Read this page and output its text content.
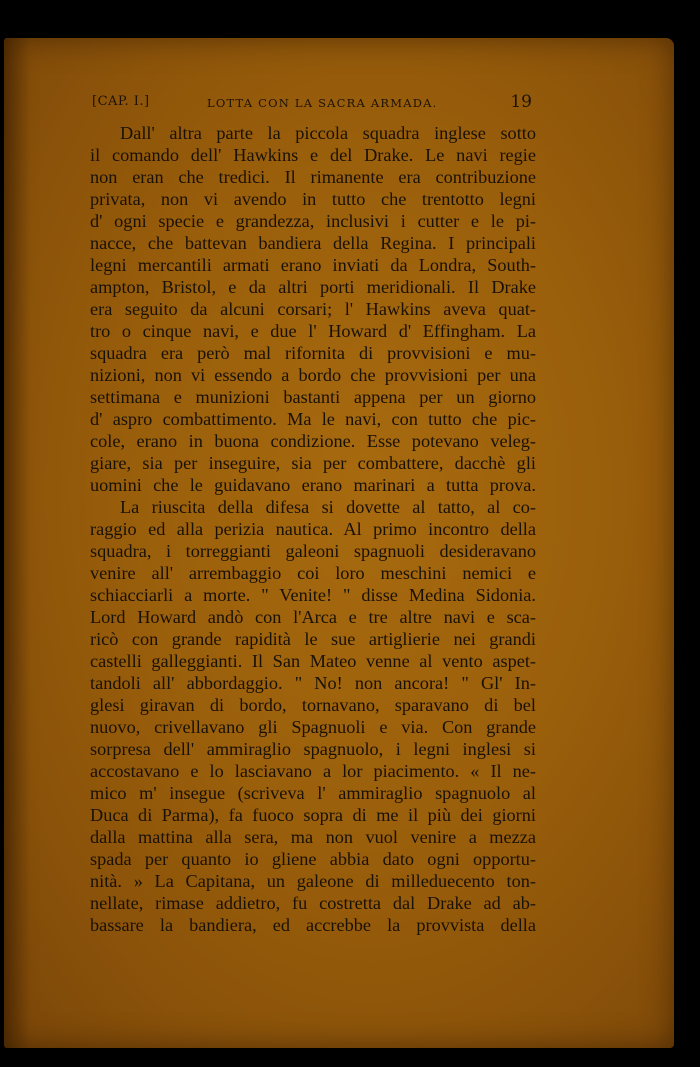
[CAP. I.]	LOTTA CON LA SACRA ARMADA.	19
Dall' altra parte la piccola squadra inglese sotto
il comando dell' Hawkins e del Drake. Le navi regie
non eran che tredici. Il rimanente era contribuzione
privata, non vi avendo in tutto che trentotto legni
d' ogni specie e grandezza, inclusivi i cutter e le pi-
nacce, che battevan bandiera della Regina. I principali
legni mercantili armati erano inviati da Londra, South-
ampton, Bristol, e da altri porti meridionali. Il Drake
era seguito da alcuni corsari; l' Hawkins aveva quat-
tro o cinque navi, e due l' Howard d' Effingham. La
squadra era però mal rifornita di provvisioni e mu-
nizioni, non vi essendo a bordo che provvisioni per una
settimana e munizioni bastanti appena per un giorno
d' aspro combattimento. Ma le navi, con tutto che pic-
cole, erano in buona condizione. Esse potevano veleg-
giare, sia per inseguire, sia per combattere, dacchè gli
uomini che le guidavano erano marinari a tutta prova.
La riuscita della difesa si dovette al tatto, al co-
raggio ed alla perizia nautica. Al primo incontro della
squadra, i torreggianti galeoni spagnuoli desideravano
venire all' arrembaggio coi loro meschini nemici e
schiacciarli a morte. " Venite! " disse Medina Sidonia.
Lord Howard andò con l'Arca e tre altre navi e sca-
ricò con grande rapidità le sue artiglierie nei grandi
castelli galleggianti. Il San Mateo venne al vento aspet-
tandoli all' abbordaggio. " No! non ancora! " Gl' In-
glesi giravan di bordo, tornavano, sparavano di bel
nuovo, crivellavano gli Spagnuoli e via. Con grande
sorpresa dell' ammiraglio spagnuolo, i legni inglesi si
accostavano e lo lasciavano a lor piacimento. « Il ne-
mico m' insegue (scriveva l' ammiraglio spagnuolo al
Duca di Parma), fa fuoco sopra di me il più dei giorni
dalla mattina alla sera, ma non vuol venire a mezza
spada per quanto io gliene abbia dato ogni opportu-
nità. » La Capitana, un galeone di milleduecento ton-
nellate, rimase addietro, fu costretta dal Drake ad ab-
bassare la bandiera, ed accrebbe la provvista della
